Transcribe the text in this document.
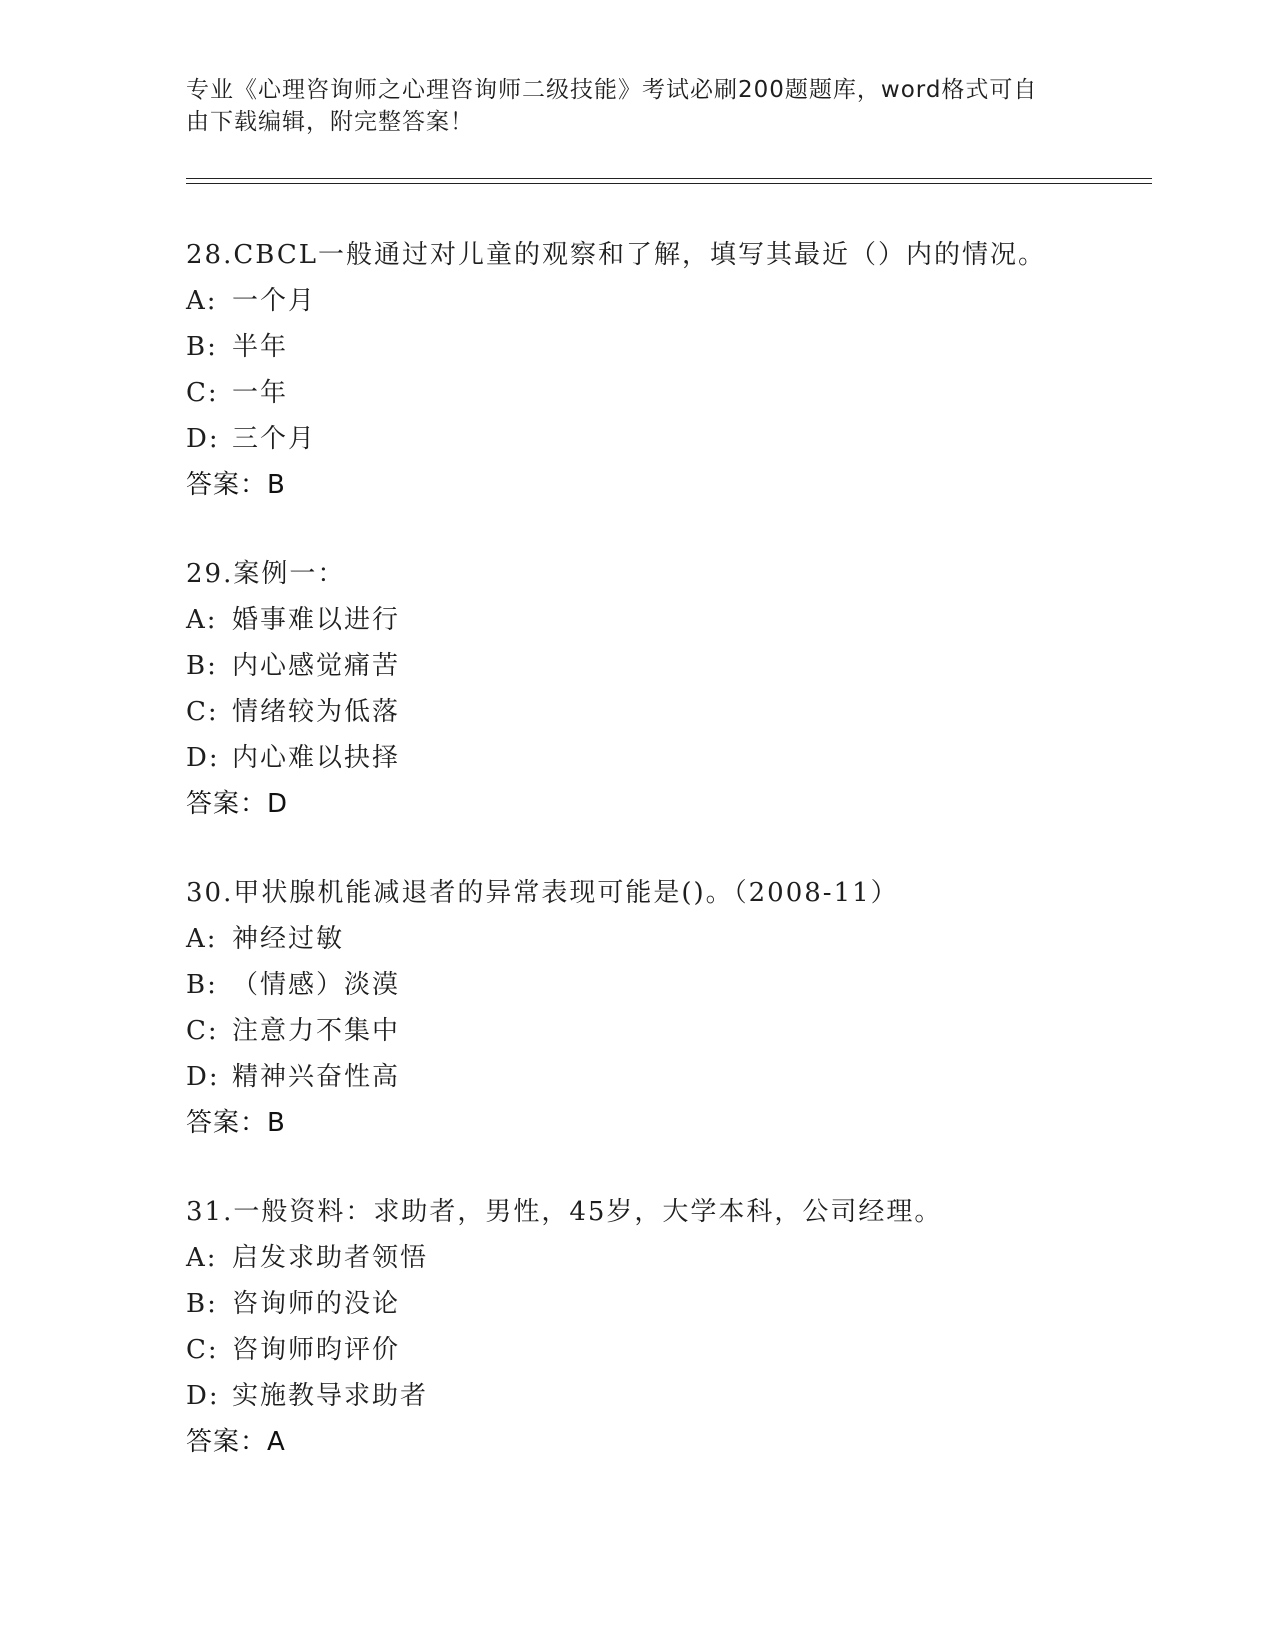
专业《心理咨询师之心理咨询师二级技能》考试必刷200题题库，word格式可自
由下载编辑，附完整答案！
28.CBCL一般通过对儿童的观察和了解，填写其最近（）内的情况。
A: 一个月
B: 半年
C: 一年
D: 三个月
答案：B
29.案例一：
A: 婚事难以进行
B: 内心感觉痛苦
C: 情绪较为低落
D: 内心难以抉择
答案：D
30.甲状腺机能减退者的异常表现可能是()。（2008-11）
A: 神经过敏
B: （情感）淡漠
C: 注意力不集中
D: 精神兴奋性高
答案：B
31.一般资料：求助者，男性，45岁，大学本科，公司经理。
A: 启发求助者领悟
B: 咨询师的没论
C: 咨询师昀评价
D: 实施教导求助者
答案：A
